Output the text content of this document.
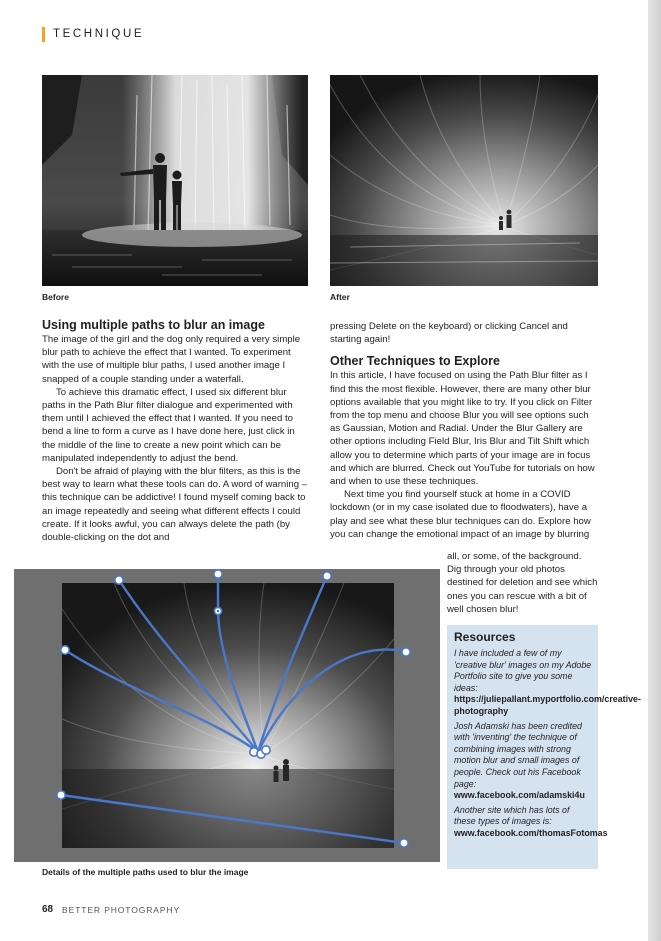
TECHNIQUE
Before	After
Using multiple paths to blur an image

The image of the girl and the dog only required a very simple blur path to achieve the effect that I wanted. To experiment with the use of multiple blur paths, I used another image I snapped of a couple standing under a waterfall.

To achieve this dramatic effect, I used six different blur paths in the Path Blur filter dialogue and experimented with them until I achieved the effect that I wanted. If you need to bend a line to form a curve as I have done here, just click in the middle of the line to create a new point which can be manipulated independently to adjust the bend.

Don't be afraid of playing with the blur filters, as this is the best way to learn what these tools can do. A word of warning – this technique can be addictive! I found myself coming back to an image repeatedly and seeing what different effects I could create. If it looks awful, you can always delete the path (by double-clicking on the dot and

pressing Delete on the keyboard) or clicking Cancel and starting again!

Other Techniques to Explore

In this article, I have focused on using the Path Blur filter as I find this the most flexible. However, there are many other blur options available that you might like to try. If you click on Filter from the top menu and choose Blur you will see options such as Gaussian, Motion and Radial. Under the Blur Gallery are other options including Field Blur, Iris Blur and Tilt Shift which allow you to determine which parts of your image are in focus and which are blurred. Check out YouTube for tutorials on how and when to use these techniques.

Next time you find yourself stuck at home in a COVID lockdown (or in my case isolated due to floodwaters), have a play and see what these blur techniques can do. Explore how you can change the emotional impact of an image by blurring

all, or some, of the background. Dig through your old photos destined for deletion and see which ones you can rescue with a bit of well chosen blur!

Details of the multiple paths used to blur the image
Resources

I have included a few of my 'creative blur' images on my Adobe Portfolio site to give you some ideas: https://juliepallant.myportfolio.com/creative-photography

Josh Adamski has been credited with 'inventing' the technique of combining images with strong motion blur and small images of people. Check out his Facebook page: www.facebook.com/adamski4u

Another site which has lots of these types of images is: www.facebook.com/thomasFotomas

68 BETTER PHOTOGRAPHY
